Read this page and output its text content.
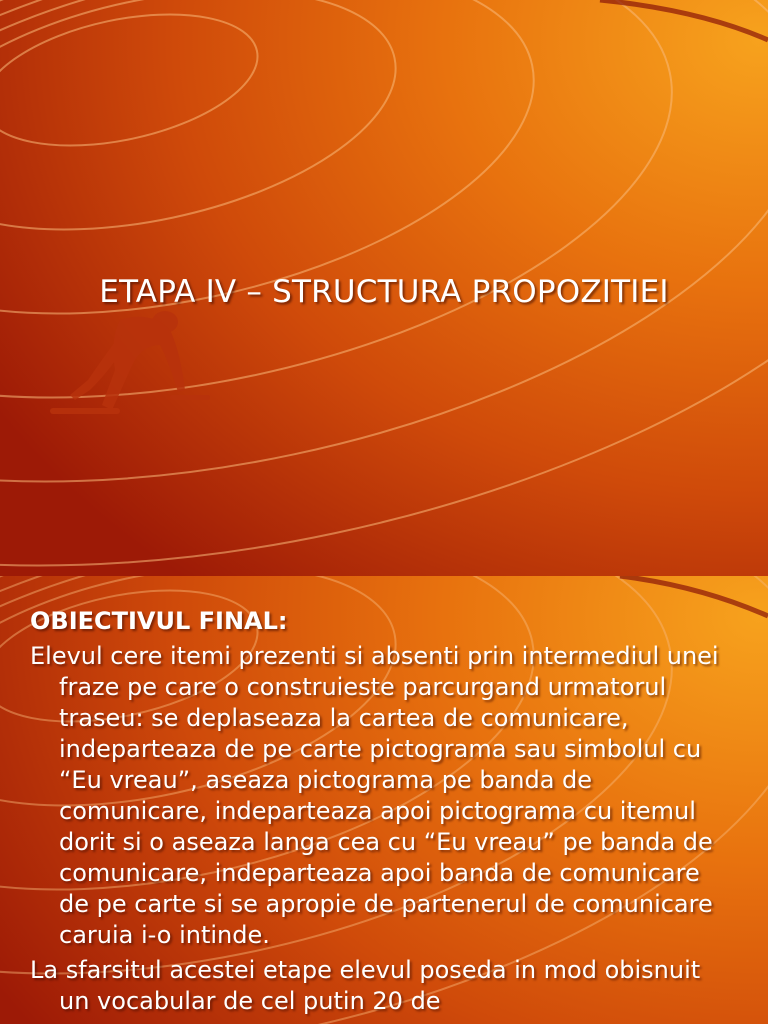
ETAPA IV – STRUCTURA PROPOZITIEI
OBIECTIVUL FINAL:
Elevul cere itemi prezenti si absenti prin intermediul unei fraze pe care o construieste parcurgand urmatorul traseu: se deplaseaza la cartea de comunicare, indeparteaza de pe carte pictograma sau simbolul cu “Eu vreau”, aseaza pictograma pe banda de comunicare, indeparteaza apoi pictograma cu itemul dorit si o aseaza langa cea cu “Eu vreau” pe banda de comunicare, indeparteaza apoi banda de comunicare de pe carte si se apropie de partenerul de comunicare caruia i-o intinde.
La sfarsitul acestei etape elevul poseda in mod obisnuit un vocabular de cel putin 20 de
